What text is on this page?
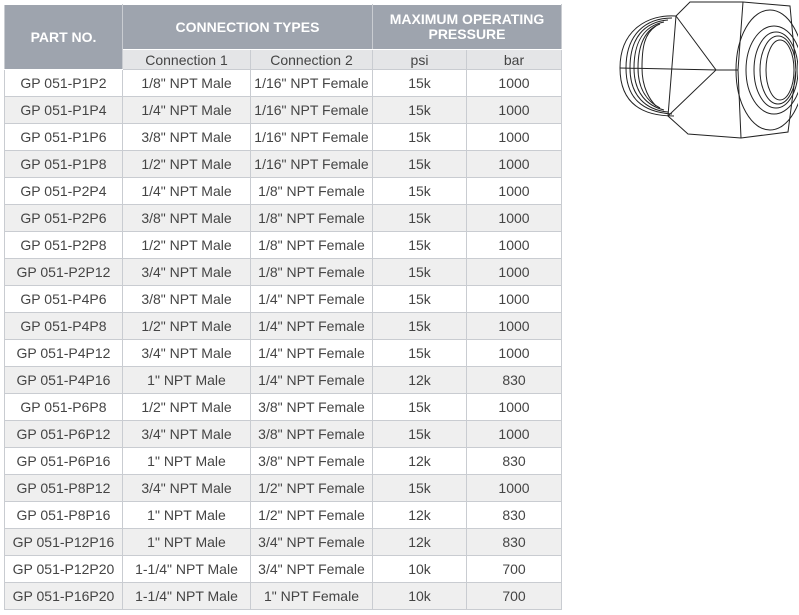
PART NO.	CONNECTION TYPES		MAXIMUM OPERATING PRESSURE	
	Connection 1	Connection 2	psi	bar
GP 051-P1P2	1/8" NPT Male	1/16" NPT Female	15k	1000
GP 051-P1P4	1/4" NPT Male	1/16" NPT Female	15k	1000
GP 051-P1P6	3/8" NPT Male	1/16" NPT Female	15k	1000
GP 051-P1P8	1/2" NPT Male	1/16" NPT Female	15k	1000
GP 051-P2P4	1/4" NPT Male	1/8" NPT Female	15k	1000
GP 051-P2P6	3/8" NPT Male	1/8" NPT Female	15k	1000
GP 051-P2P8	1/2" NPT Male	1/8" NPT Female	15k	1000
GP 051-P2P12	3/4" NPT Male	1/8" NPT Female	15k	1000
GP 051-P4P6	3/8" NPT Male	1/4" NPT Female	15k	1000
GP 051-P4P8	1/2" NPT Male	1/4" NPT Female	15k	1000
GP 051-P4P12	3/4" NPT Male	1/4" NPT Female	15k	1000
GP 051-P4P16	1" NPT Male	1/4" NPT Female	12k	830
GP 051-P6P8	1/2" NPT Male	3/8" NPT Female	15k	1000
GP 051-P6P12	3/4" NPT Male	3/8" NPT Female	15k	1000
GP 051-P6P16	1" NPT Male	3/8" NPT Female	12k	830
GP 051-P8P12	3/4" NPT Male	1/2" NPT Female	15k	1000
GP 051-P8P16	1" NPT Male	1/2" NPT Female	12k	830
GP 051-P12P16	1" NPT Male	3/4" NPT Female	12k	830
GP 051-P12P20	1-1/4" NPT Male	3/4" NPT Female	10k	700
GP 051-P16P20	1-1/4" NPT Male	1" NPT Female	10k	700
